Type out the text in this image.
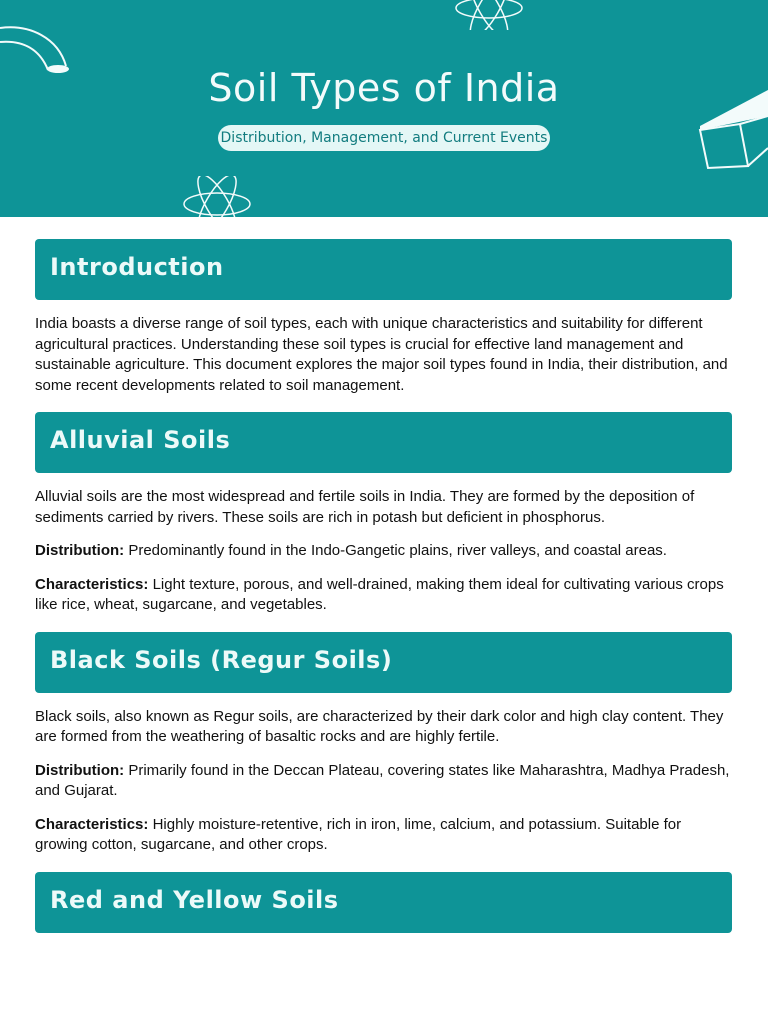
Soil Types of India
Distribution, Management, and Current Events
Introduction

India boasts a diverse range of soil types, each with unique characteristics and suitability for different agricultural practices. Understanding these soil types is crucial for effective land management and sustainable agriculture. This document explores the major soil types found in India, their distribution, and some recent developments related to soil management.

Alluvial Soils

Alluvial soils are the most widespread and fertile soils in India. They are formed by the deposition of sediments carried by rivers. These soils are rich in potash but deficient in phosphorus.

Distribution: Predominantly found in the Indo-Gangetic plains, river valleys, and coastal areas.

Characteristics: Light texture, porous, and well-drained, making them ideal for cultivating various crops like rice, wheat, sugarcane, and vegetables.

Black Soils (Regur Soils)

Black soils, also known as Regur soils, are characterized by their dark color and high clay content. They are formed from the weathering of basaltic rocks and are highly fertile.

Distribution: Primarily found in the Deccan Plateau, covering states like Maharashtra, Madhya Pradesh, and Gujarat.

Characteristics: Highly moisture-retentive, rich in iron, lime, calcium, and potassium. Suitable for growing cotton, sugarcane, and other crops.

Red and Yellow Soils
